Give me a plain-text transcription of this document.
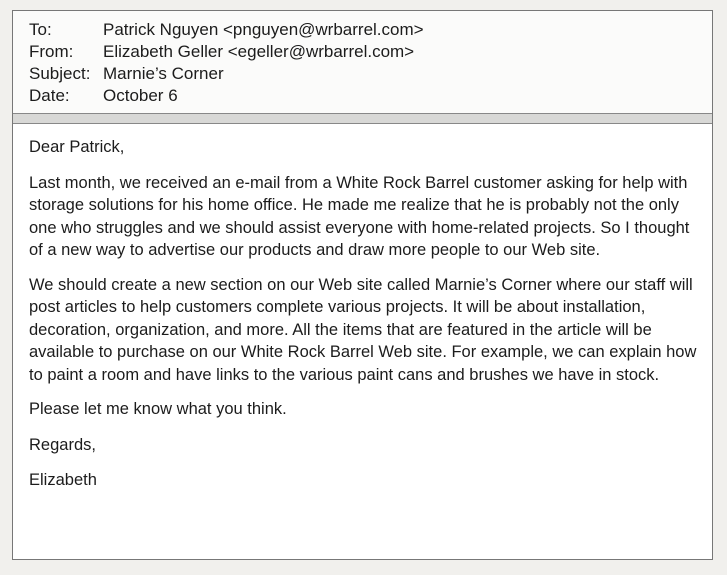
To:	Patrick Nguyen <pnguyen@wrbarrel.com>
From:	Elizabeth Geller <egeller@wrbarrel.com>
Subject: Marnie’s Corner
Date:	October 6

Dear Patrick,

Last month, we received an e-mail from a White Rock Barrel customer asking for help with storage solutions for his home office. He made me realize that he is probably not the only one who struggles and we should assist everyone with home-related projects. So I thought of a new way to advertise our products and draw more people to our Web site.

We should create a new section on our Web site called Marnie’s Corner where our staff will post articles to help customers complete various projects. It will be about installation, decoration, organization, and more. All the items that are featured in the article will be available to purchase on our White Rock Barrel Web site. For example, we can explain how to paint a room and have links to the various paint cans and brushes we have in stock.

Please let me know what you think.

Regards,

Elizabeth
